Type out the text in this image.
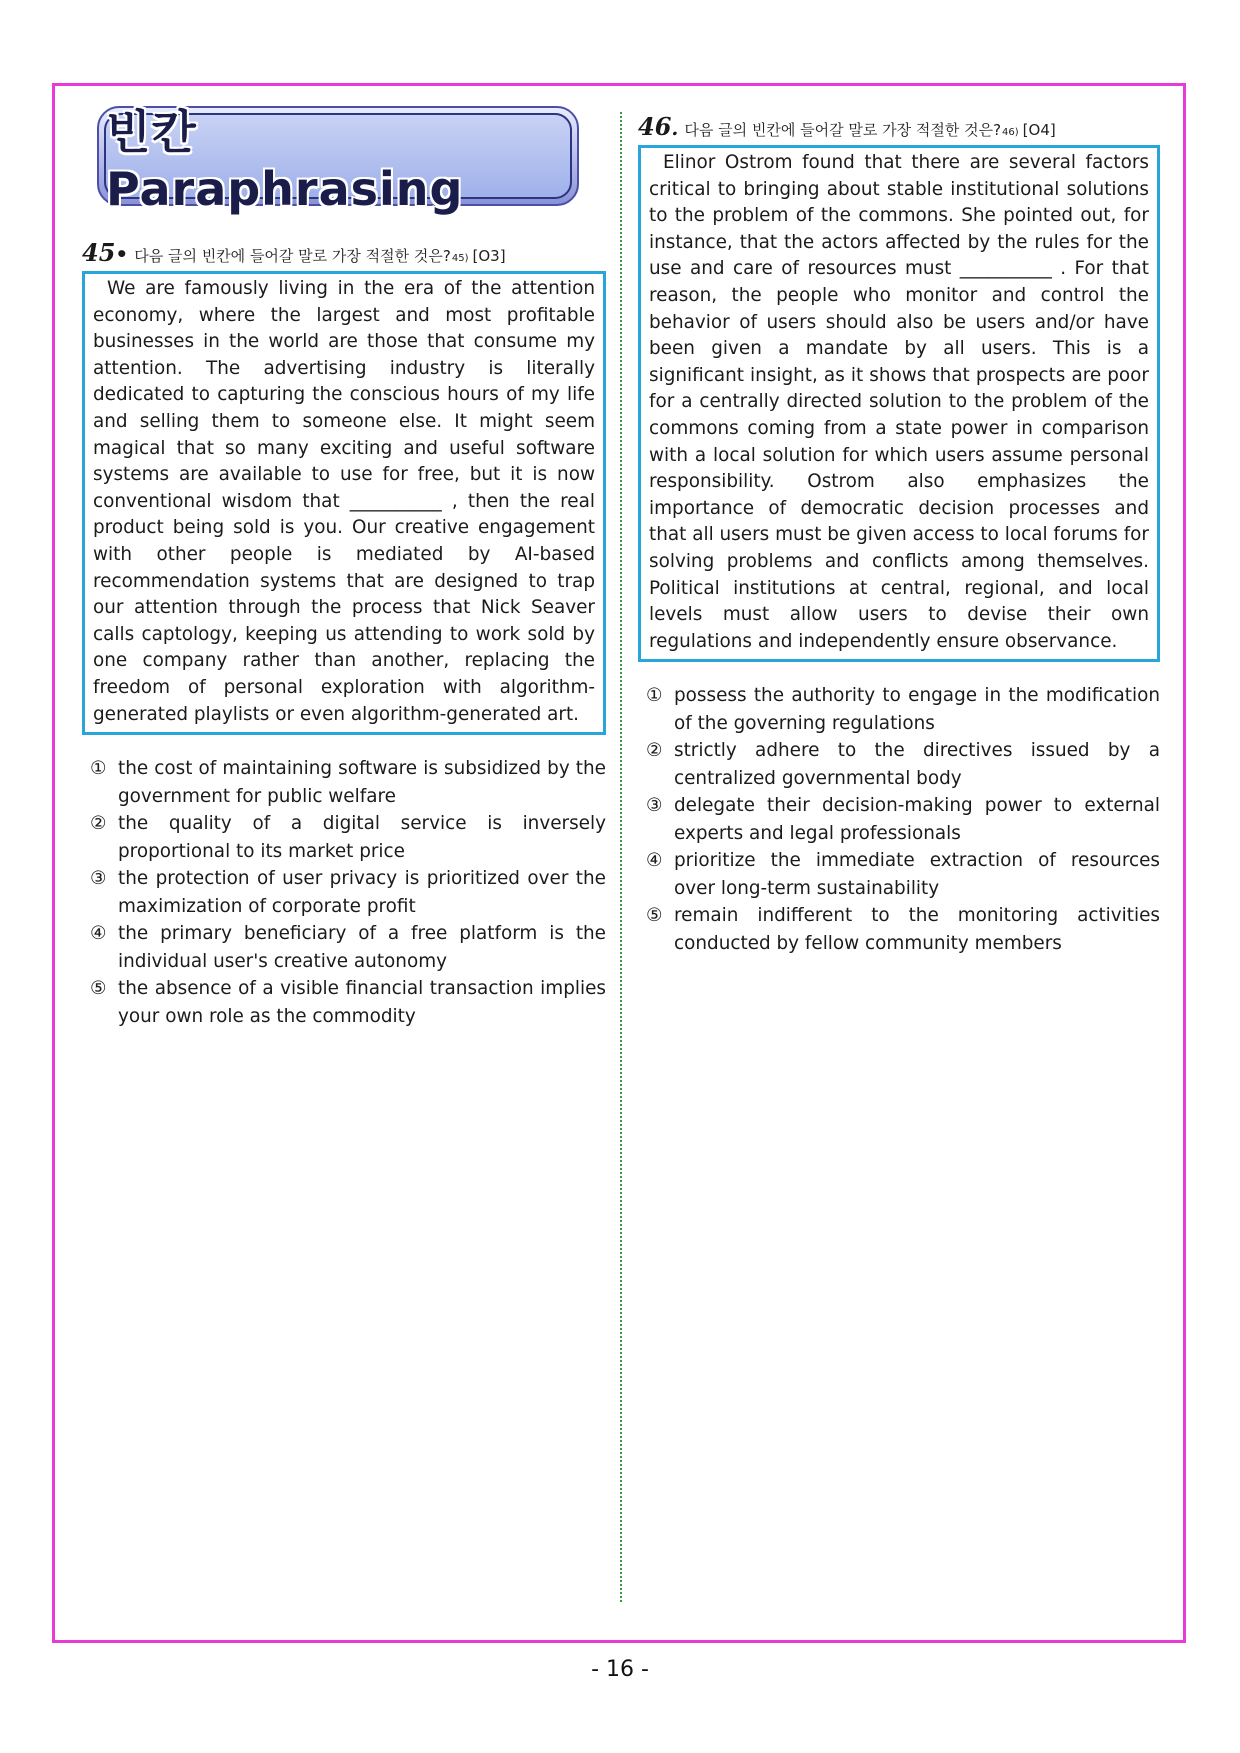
빈칸 Paraphrasing
45• 다음 글의 빈칸에 들어갈 말로 가장 적절한 것은? 45) [O3]
We are famously living in the era of the attention economy, where the largest and most profitable businesses in the world are those that consume my attention. The advertising industry is literally dedicated to capturing the conscious hours of my life and selling them to someone else. It might seem magical that so many exciting and useful software systems are available to use for free, but it is now conventional wisdom that __________ , then the real product being sold is you. Our creative engagement with other people is mediated by AI-based recommendation systems that are designed to trap our attention through the process that Nick Seaver calls captology, keeping us attending to work sold by one company rather than another, replacing the freedom of personal exploration with algorithm-generated playlists or even algorithm-generated art.
① the cost of maintaining software is subsidized by the government for public welfare
② the quality of a digital service is inversely proportional to its market price
③ the protection of user privacy is prioritized over the maximization of corporate profit
④ the primary beneficiary of a free platform is the individual user's creative autonomy
⑤ the absence of a visible financial transaction implies your own role as the commodity
46. 다음 글의 빈칸에 들어갈 말로 가장 적절한 것은? 46) [O4]
Elinor Ostrom found that there are several factors critical to bringing about stable institutional solutions to the problem of the commons. She pointed out, for instance, that the actors affected by the rules for the use and care of resources must __________ . For that reason, the people who monitor and control the behavior of users should also be users and/or have been given a mandate by all users. This is a significant insight, as it shows that prospects are poor for a centrally directed solution to the problem of the commons coming from a state power in comparison with a local solution for which users assume personal responsibility. Ostrom also emphasizes the importance of democratic decision processes and that all users must be given access to local forums for solving problems and conflicts among themselves. Political institutions at central, regional, and local levels must allow users to devise their own regulations and independently ensure observance.
① possess the authority to engage in the modification of the governing regulations
② strictly adhere to the directives issued by a centralized governmental body
③ delegate their decision-making power to external experts and legal professionals
④ prioritize the immediate extraction of resources over long-term sustainability
⑤ remain indifferent to the monitoring activities conducted by fellow community members
- 16 -
